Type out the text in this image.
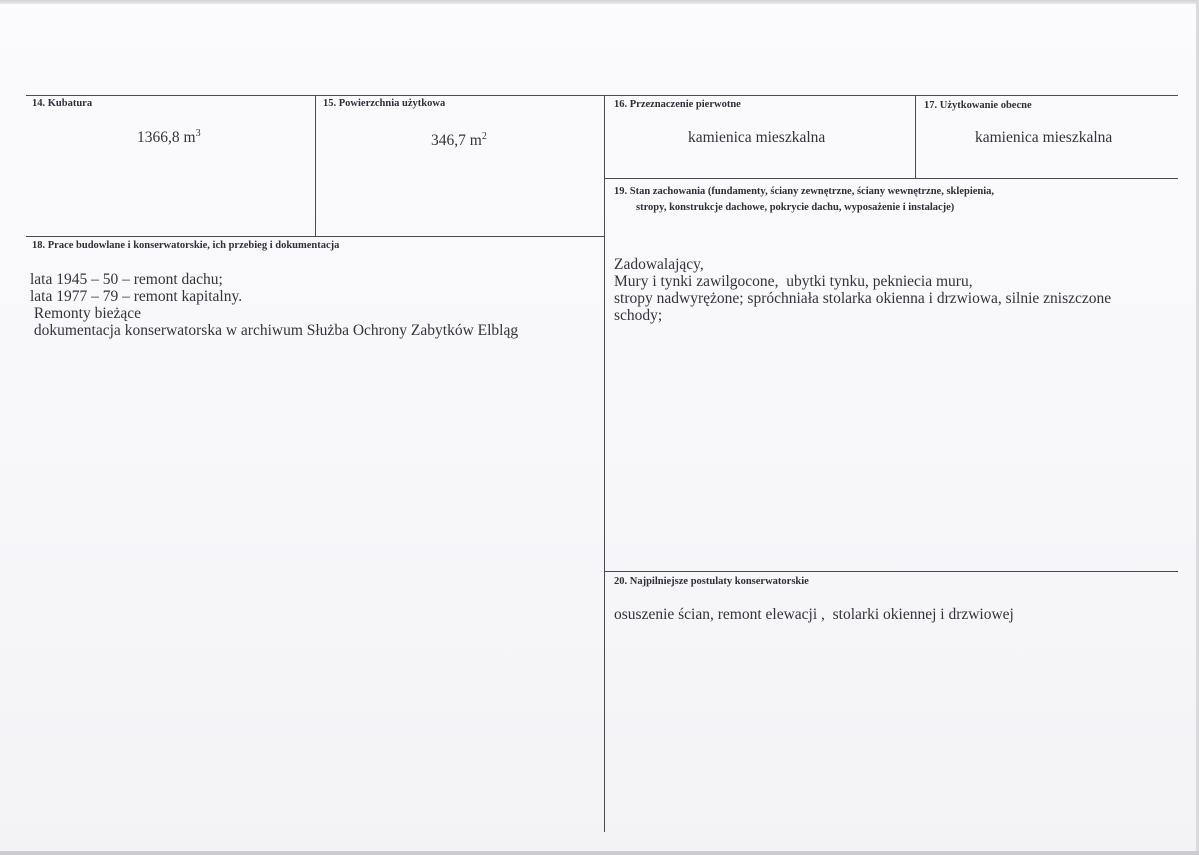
14. Kubatura
1366,8 $m^3$
15. Powierzchnia użytkowa
346,7 $m^2$
16. Przeznaczenie pierwotne
kamienica mieszkalna
17. Użytkowanie obecne
kamienica mieszkalna
18. Prace budowlane i konserwatorskie, ich przebieg i dokumentacja
lata 1945 – 50 – remont dachu;
lata 1977 – 79 – remont kapitalny.
Remonty bieżące
dokumentacja konserwatorska w archiwum Służba Ochrony Zabytków Elbląg
19. Stan zachowania (fundamenty, ściany zewnętrzne, ściany wewnętrzne, sklepienia,
stropy, konstrukcje dachowe, pokrycie dachu, wyposażenie i instalacje)
Zadowalający,
Mury i tynki zawilgocone,  ubytki tynku, pekniecia muru,
stropy nadwyrężone; spróchniała stolarka okienna i drzwiowa, silnie zniszczone
schody;
20. Najpilniejsze postulaty konserwatorskie
osuszenie ścian, remont elewacji ,  stolarki okiennej i drzwiowej
